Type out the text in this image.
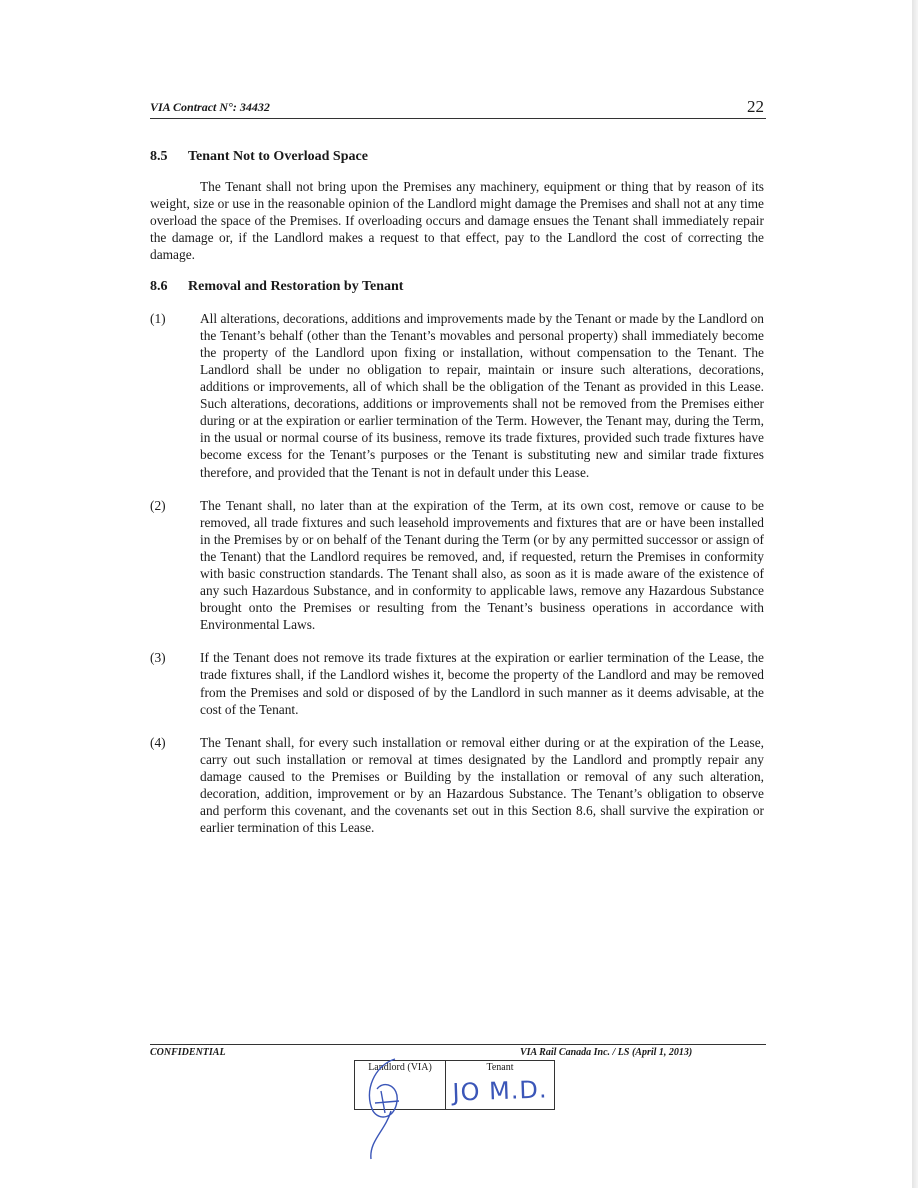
VIA Contract N°: 34432	22
8.5 Tenant Not to Overload Space

The Tenant shall not bring upon the Premises any machinery, equipment or thing that by reason of its weight, size or use in the reasonable opinion of the Landlord might damage the Premises and shall not at any time overload the space of the Premises. If overloading occurs and damage ensues the Tenant shall immediately repair the damage or, if the Landlord makes a request to that effect, pay to the Landlord the cost of correcting the damage.

8.6 Removal and Restoration by Tenant
(1)	All alterations, decorations, additions and improvements made by the Tenant or made by the Landlord on the Tenant’s behalf (other than the Tenant’s movables and personal property) shall immediately become the property of the Landlord upon fixing or installation, without compensation to the Tenant. The Landlord shall be under no obligation to repair, maintain or insure such alterations, decorations, additions or improvements, all of which shall be the obligation of the Tenant as provided in this Lease. Such alterations, decorations, additions or improvements shall not be removed from the Premises either during or at the expiration or earlier termination of the Term. However, the Tenant may, during the Term, in the usual or normal course of its business, remove its trade fixtures, provided such trade fixtures have become excess for the Tenant’s purposes or the Tenant is substituting new and similar trade fixtures therefore, and provided that the Tenant is not in default under this Lease.
(2)	The Tenant shall, no later than at the expiration of the Term, at its own cost, remove or cause to be removed, all trade fixtures and such leasehold improvements and fixtures that are or have been installed in the Premises by or on behalf of the Tenant during the Term (or by any permitted successor or assign of the Tenant) that the Landlord requires be removed, and, if requested, return the Premises in conformity with basic construction standards. The Tenant shall also, as soon as it is made aware of the existence of any such Hazardous Substance, and in conformity to applicable laws, remove any Hazardous Substance brought onto the Premises or resulting from the Tenant’s business operations in accordance with Environmental Laws.
(3)	If the Tenant does not remove its trade fixtures at the expiration or earlier termination of the Lease, the trade fixtures shall, if the Landlord wishes it, become the property of the Landlord and may be removed from the Premises and sold or disposed of by the Landlord in such manner as it deems advisable, at the cost of the Tenant.
(4)	The Tenant shall, for every such installation or removal either during or at the expiration of the Lease, carry out such installation or removal at times designated by the Landlord and promptly repair any damage caused to the Premises or Building by the installation or removal of any such alteration, decoration, addition, improvement or by an Hazardous Substance. The Tenant’s obligation to observe and perform this covenant, and the covenants set out in this Section 8.6, shall survive the expiration or earlier termination of this Lease.
CONFIDENTIAL	VIA Rail Canada Inc. / LS (April 1, 2013)
Landlord (VIA)	Tenant
JO M.D.
